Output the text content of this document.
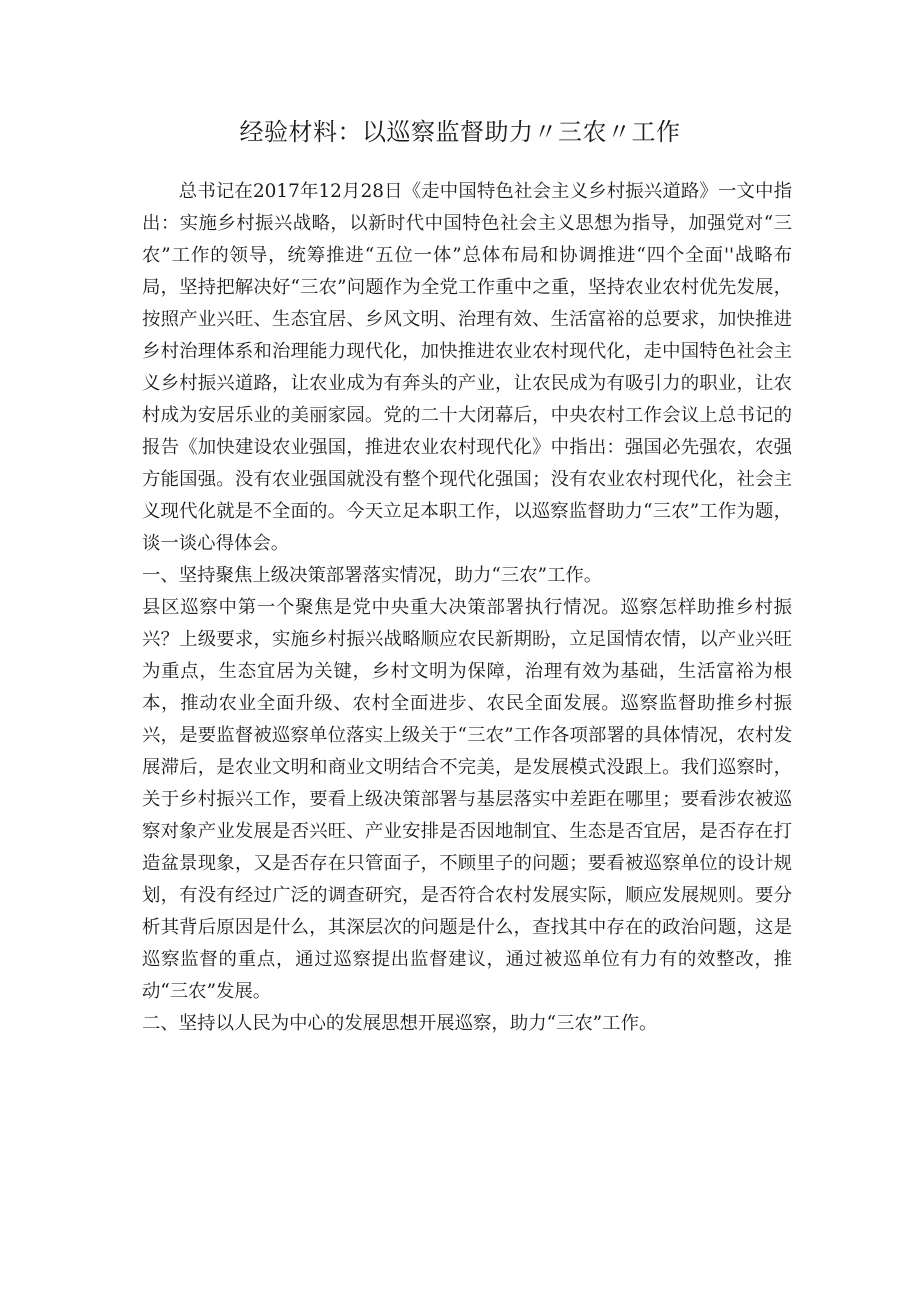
经验材料：以巡察监督助力〃三农〃工作

总书记在2017年12月28日《走中国特色社会主义乡村振兴道路》一文中指出：实施乡村振兴战略，以新时代中国特色社会主义思想为指导，加强党对“三农”工作的领导，统筹推进“五位一体”总体布局和协调推进“四个全面''战略布局，坚持把解决好“三农”问题作为全党工作重中之重，坚持农业农村优先发展，按照产业兴旺、生态宜居、乡风文明、治理有效、生活富裕的总要求，加快推进乡村治理体系和治理能力现代化，加快推进农业农村现代化，走中国特色社会主义乡村振兴道路，让农业成为有奔头的产业，让农民成为有吸引力的职业，让农村成为安居乐业的美丽家园。党的二十大闭幕后，中央农村工作会议上总书记的报告《加快建设农业强国，推进农业农村现代化》中指出：强国必先强农，农强方能国强。没有农业强国就没有整个现代化强国；没有农业农村现代化，社会主义现代化就是不全面的。今天立足本职工作，以巡察监督助力“三农”工作为题，谈一谈心得体会。

一、坚持聚焦上级决策部署落实情况，助力“三农”工作。

县区巡察中第一个聚焦是党中央重大决策部署执行情况。巡察怎样助推乡村振兴？上级要求，实施乡村振兴战略顺应农民新期盼，立足国情农情，以产业兴旺为重点，生态宜居为关键，乡村文明为保障，治理有效为基础，生活富裕为根本，推动农业全面升级、农村全面进步、农民全面发展。巡察监督助推乡村振兴，是要监督被巡察单位落实上级关于“三农”工作各项部署的具体情况，农村发展滞后，是农业文明和商业文明结合不完美，是发展模式没跟上。我们巡察时，关于乡村振兴工作，要看上级决策部署与基层落实中差距在哪里；要看涉农被巡察对象产业发展是否兴旺、产业安排是否因地制宜、生态是否宜居，是否存在打造盆景现象，又是否存在只管面子，不顾里子的问题；要看被巡察单位的设计规划，有没有经过广泛的调查研究，是否符合农村发展实际，顺应发展规则。要分析其背后原因是什么，其深层次的问题是什么，查找其中存在的政治问题，这是巡察监督的重点，通过巡察提出监督建议，通过被巡单位有力有的效整改，推动“三农”发展。

二、坚持以人民为中心的发展思想开展巡察，助力“三农”工作。
